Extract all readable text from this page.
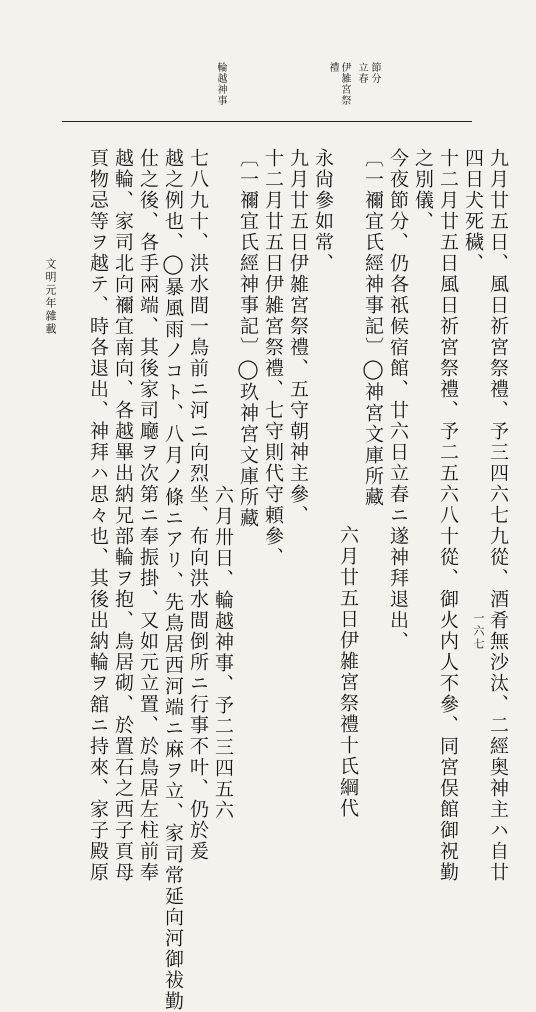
節分
立春
伊雑宮祭
禮
輪越神事
九月廿五日、風日祈宮祭禮、予三四六七九從、酒肴無沙汰、二經奥神主ハ自廿
四日犬死穢、
十二月廿五日風日祈宮祭禮、予二五六八十從、御火内人不參、同宮俣館御祝勤
之別儀、
今夜節分、仍各祇候宿館、廿六日立春ニ遂神拜退出、
〔一禰宜氏經神事記〕◯神宮文庫所藏
六月廿五日伊雑宮祭禮十氏綱代
永尙參如常、
九月廿五日伊雑宮祭禮、五守朝神主參、
十二月廿五日伊雑宮祭禮、七守則代守頼參、
〔一禰宜氏經神事記〕◯玖神宮文庫所藏
六月卅日、輪越神事、予二三四五六
七八九十、洪水間一鳥前ニ河ニ向烈坐、布向洪水間倒所ニ行事不叶、仍於爰
越之例也、◯暴風雨ノコト、八月ノ條ニアリ、先鳥居西河端ニ麻ヲ立、家司常延向河御祓勤
仕之後、各手兩端、其後家司廰ヲ次第ニ奉振掛、又如元立置、於鳥居左柱前奉
越輪、家司北向禰宜南向、各越畢出納兄部輪ヲ抱、鳥居砌、於置石之西子頁母
頁物忌等ヲ越テ、時各退出、神拜ハ思々也、其後出納輪ヲ舘ニ持來、家子殿原
文明元年雜載
一六七
